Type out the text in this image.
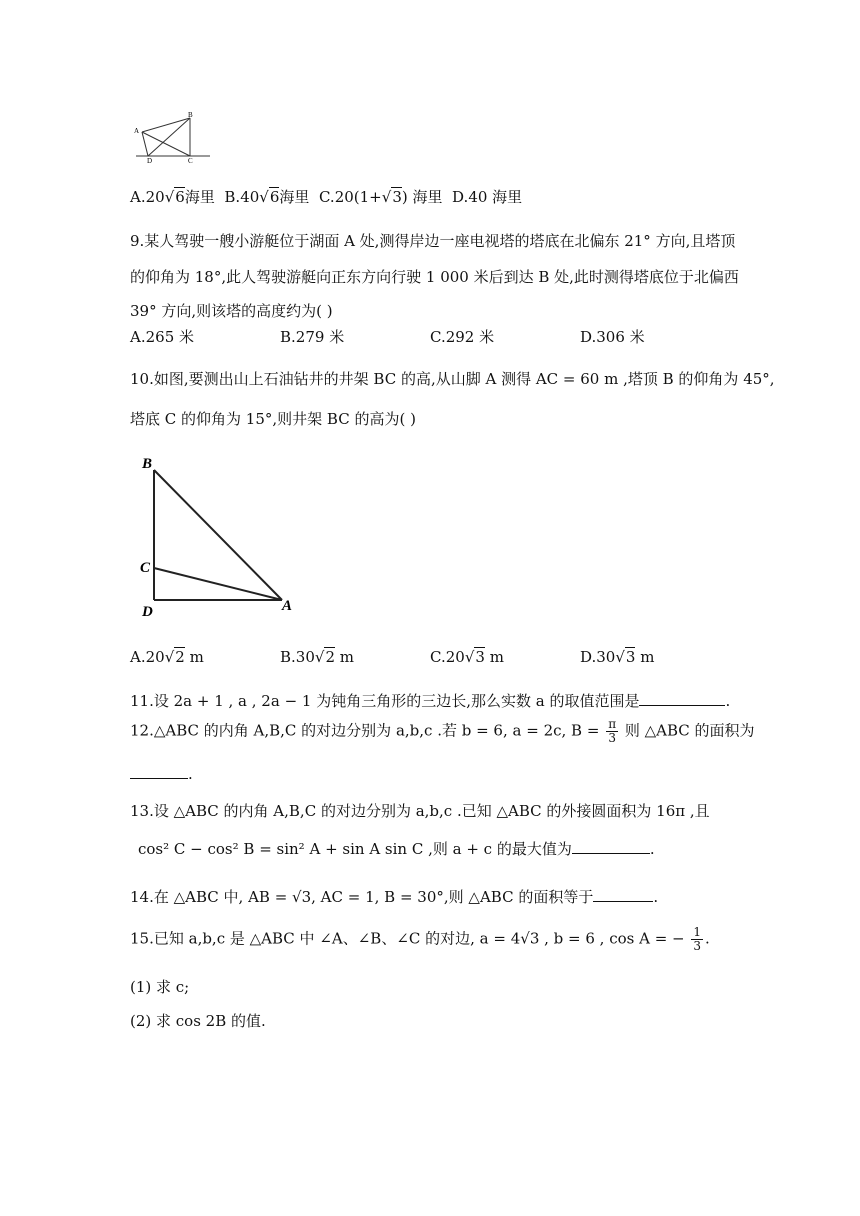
B
A
D	C
A.20√6海里 B.40√6海里 C.20(1+√3) 海里 D.40 海里
9.某人驾驶一艘小游艇位于湖面 A 处,测得岸边一座电视塔的塔底在北偏东 21° 方向,且塔顶
的仰角为 18°,此人驾驶游艇向正东方向行驶 1 000 米后到达 B 处,此时测得塔底位于北偏西
39° 方向,则该塔的高度约为( )
A.265 米	B.279 米	C.292 米	D.306 米
10.如图,要测出山上石油钻井的井架 BC 的高,从山脚 A 测得 AC = 60 m ,塔顶 B 的仰角为 45°,
塔底 C 的仰角为 15°,则井架 BC 的高为( )
B
C
D	A
A.20√2 m	B.30√2 m	C.20√3 m	D.30√3 m
11.设 2a + 1 , a , 2a − 1 为钝角三角形的三边长,那么实数 a 的取值范围是	.
12.△ABC 的内角 A,B,C 的对边分别为 a,b,c .若 b = 6, a = 2c, $B = \frac{\pi}{3}$ 则 △ABC 的面积为
.
13.设 △ABC 的内角 A,B,C 的对边分别为 a,b,c .已知 △ABC 的外接圆面积为 16π ,且
cos² C − cos² B = sin² A + sin A sin C ,则 a + c 的最大值为	.
14.在 △ABC 中, AB = √3, AC = 1, B = 30°,则 △ABC 的面积等于	.
15.已知 a,b,c 是 △ABC 中 ∠A、∠B、∠C 的对边, a = 4√3 , b = 6 , cos A = − $\frac{1}{3}$ .
(1) 求 c;
(2) 求 cos 2B 的值.
